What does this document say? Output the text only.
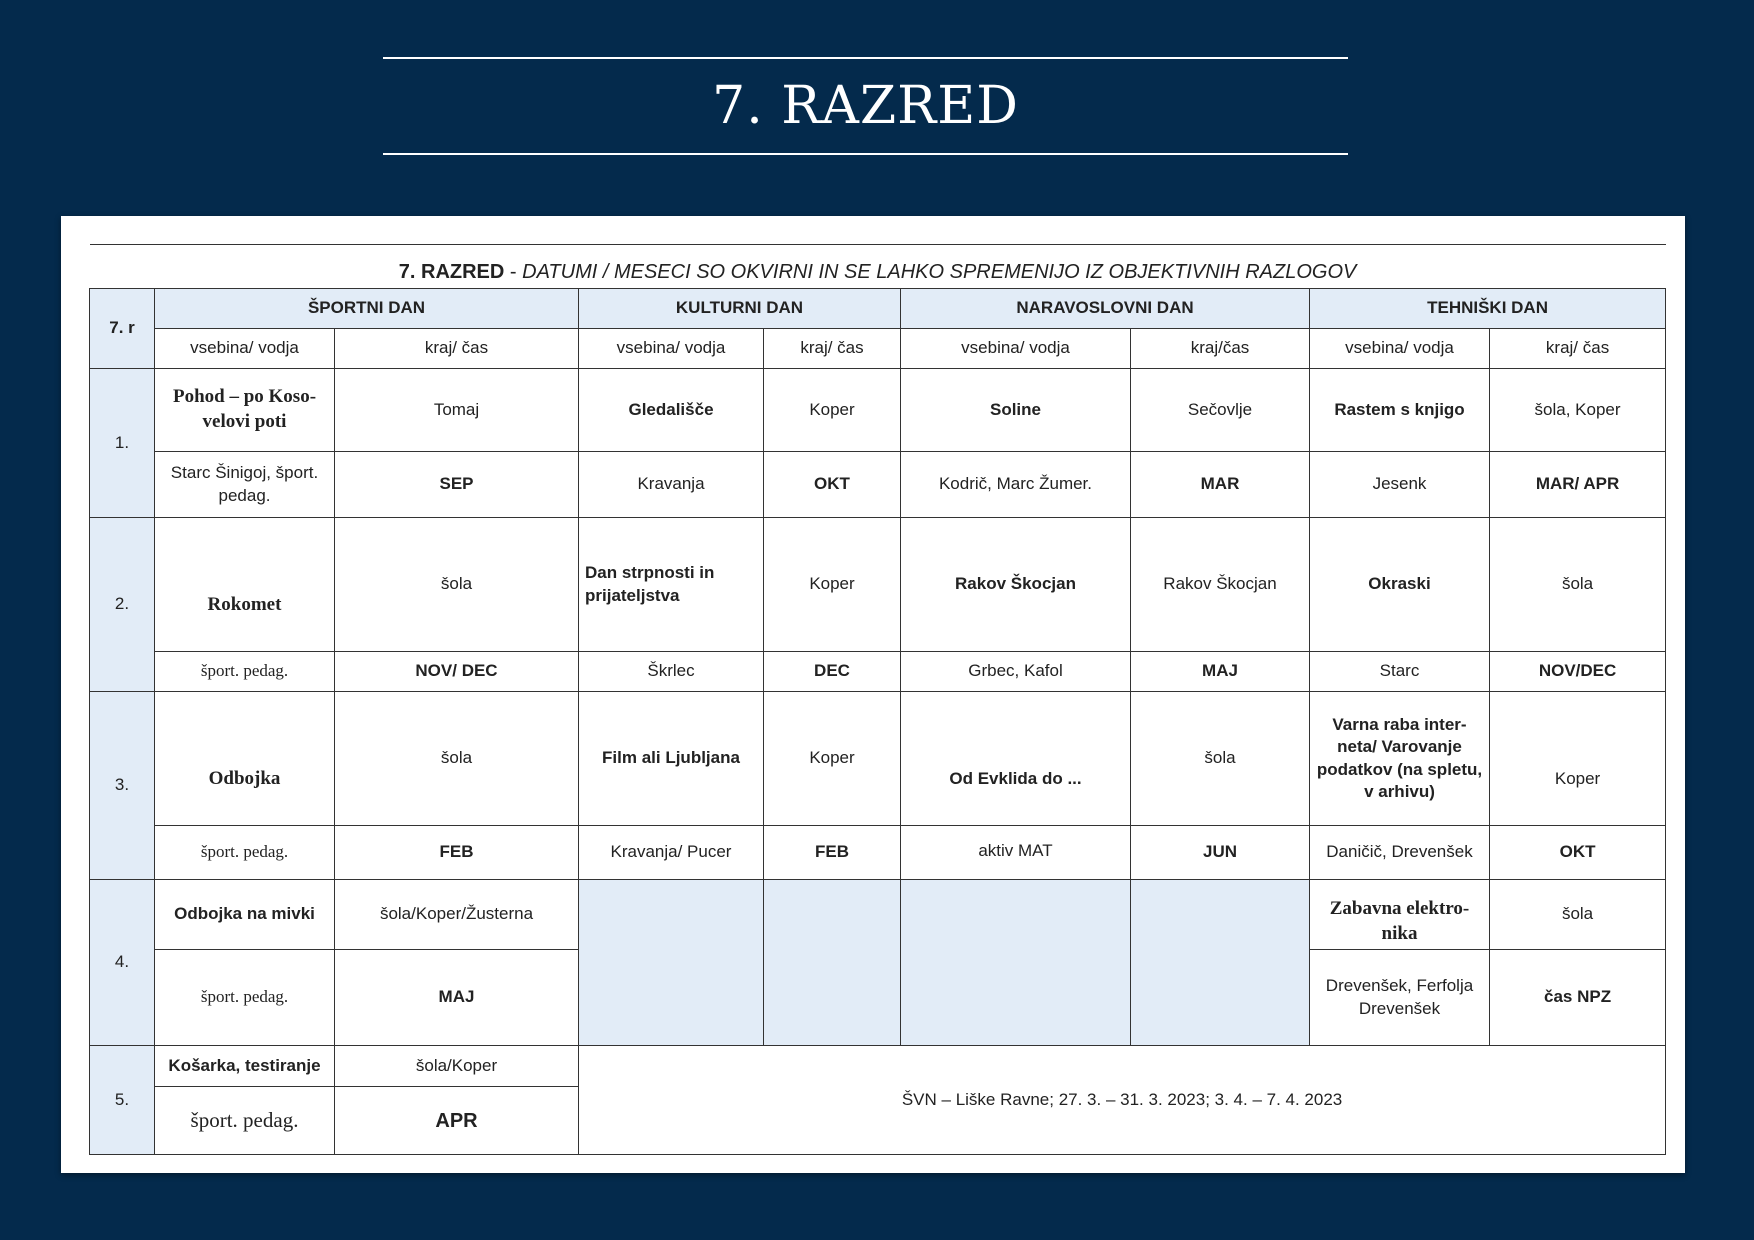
7. RAZRED
7. RAZRED - DATUMI / MESECI SO OKVIRNI IN SE LAHKO SPREMENIJO IZ OBJEKTIVNIH RAZLOGOV								
7. r	ŠPORTNI DAN		KULTURNI DAN		NARAVOSLOVNI DAN		TEHNIŠKI DAN	
	vsebina/ vodja	kraj/ čas	vsebina/ vodja	kraj/ čas	vsebina/ vodja	kraj/čas	vsebina/ vodja	kraj/ čas
1.	Pohod – po Koso-velovi poti	Tomaj	Gledališče	Koper	Soline	Sečovlje	Rastem s knjigo	šola, Koper
	Starc Šinigoj, šport. pedag.	SEP	Kravanja	OKT	Kodrič, Marc Žumer.	MAR	Jesenk	MAR/ APR
2.	Rokomet	šola	Dan strpnosti in prijateljstva	Koper	Rakov Škocjan	Rakov Škocjan	Okraski	šola
	šport. pedag.	NOV/ DEC	Škrlec	DEC	Grbec, Kafol	MAJ	Starc	NOV/DEC
3.	Odbojka	šola	Film ali Ljubljana	Koper	Od Evklida do ...	šola	Varna raba inter-neta/ Varovanje podatkov (na spletu, v arhivu)	Koper
	šport. pedag.	FEB	Kravanja/ Pucer	FEB	aktiv MAT	JUN	Daničič, Drevenšek	OKT
4.	Odbojka na mivki	šola/Koper/Žusterna					Zabavna elektro-nika	šola
	šport. pedag.	MAJ					Drevenšek, Ferfolja Drevenšek	čas NPZ
5.	Košarka, testiranje	šola/Koper	ŠVN – Liške Ravne; 27. 3. – 31. 3. 2023; 3. 4. – 7. 4. 2023					
	šport. pedag.	APR						
